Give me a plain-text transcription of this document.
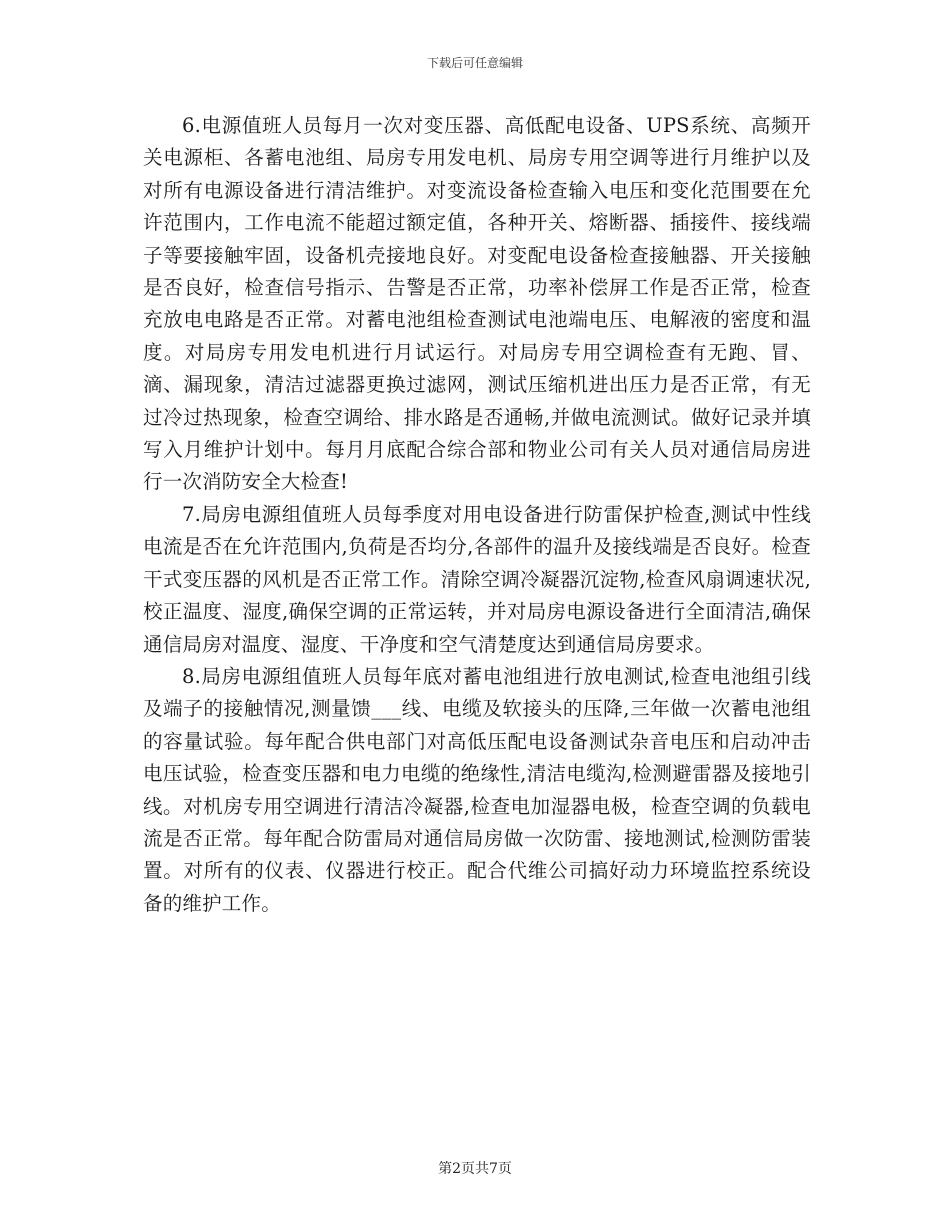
下载后可任意编辑

6.电源值班人员每月一次对变压器、高低配电设备、UPS系统、高频开关电源柜、各蓄电池组、局房专用发电机、局房专用空调等进行月维护以及对所有电源设备进行清洁维护。对变流设备检查输入电压和变化范围要在允许范围内，工作电流不能超过额定值，各种开关、熔断器、插接件、接线端子等要接触牢固，设备机壳接地良好。对变配电设备检查接触器、开关接触是否良好，检查信号指示、告警是否正常，功率补偿屏工作是否正常，检查充放电电路是否正常。对蓄电池组检查测试电池端电压、电解液的密度和温度。对局房专用发电机进行月试运行。对局房专用空调检查有无跑、冒、滴、漏现象，清洁过滤器更换过滤网，测试压缩机进出压力是否正常，有无过冷过热现象，检查空调给、排水路是否通畅,并做电流测试。做好记录并填写入月维护计划中。每月月底配合综合部和物业公司有关人员对通信局房进行一次消防安全大检查!

7.局房电源组值班人员每季度对用电设备进行防雷保护检查,测试中性线电流是否在允许范围内,负荷是否均分,各部件的温升及接线端是否良好。检查干式变压器的风机是否正常工作。清除空调冷凝器沉淀物,检查风扇调速状况,校正温度、湿度,确保空调的正常运转，并对局房电源设备进行全面清洁,确保通信局房对温度、湿度、干净度和空气清楚度达到通信局房要求。

8.局房电源组值班人员每年底对蓄电池组进行放电测试,检查电池组引线及端子的接触情况,测量馈___线、电缆及软接头的压降,三年做一次蓄电池组的容量试验。每年配合供电部门对高低压配电设备测试杂音电压和启动冲击电压试验，检查变压器和电力电缆的绝缘性,清洁电缆沟,检测避雷器及接地引线。对机房专用空调进行清洁冷凝器,检查电加湿器电极，检查空调的负载电流是否正常。每年配合防雷局对通信局房做一次防雷、接地测试,检测防雷装置。对所有的仪表、仪器进行校正。配合代维公司搞好动力环境监控系统设备的维护工作。

第2页共7页
